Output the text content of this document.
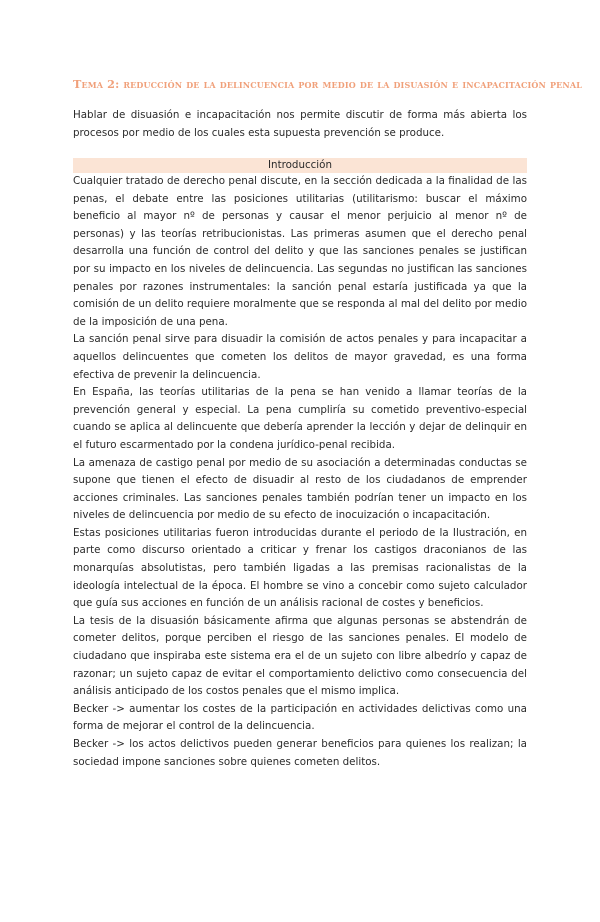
Tema 2: reducción de la delincuencia por medio de la disuasión e incapacitación penal

Hablar de disuasión e incapacitación nos permite discutir de forma más abierta los procesos por medio de los cuales esta supuesta prevención se produce.

Introducción

Cualquier tratado de derecho penal discute, en la sección dedicada a la finalidad de las penas, el debate entre las posiciones utilitarias (utilitarismo: buscar el máximo beneficio al mayor nº de personas y causar el menor perjuicio al menor nº de personas) y las teorías retribucionistas. Las primeras asumen que el derecho penal desarrolla una función de control del delito y que las sanciones penales se justifican por su impacto en los niveles de delincuencia. Las segundas no justifican las sanciones penales por razones instrumentales: la sanción penal estaría justificada ya que la comisión de un delito requiere moralmente que se responda al mal del delito por medio de la imposición de una pena.

La sanción penal sirve para disuadir la comisión de actos penales y para incapacitar a aquellos delincuentes que cometen los delitos de mayor gravedad, es una forma efectiva de prevenir la delincuencia.

En España, las teorías utilitarias de la pena se han venido a llamar teorías de la prevención general y especial. La pena cumpliría su cometido preventivo-especial cuando se aplica al delincuente que debería aprender la lección y dejar de delinquir en el futuro escarmentado por la condena jurídico-penal recibida.

La amenaza de castigo penal por medio de su asociación a determinadas conductas se supone que tienen el efecto de disuadir al resto de los ciudadanos de emprender acciones criminales. Las sanciones penales también podrían tener un impacto en los niveles de delincuencia por medio de su efecto de inocuización o incapacitación.

Estas posiciones utilitarias fueron introducidas durante el periodo de la Ilustración, en parte como discurso orientado a criticar y frenar los castigos draconianos de las monarquías absolutistas, pero también ligadas a las premisas racionalistas de la ideología intelectual de la época. El hombre se vino a concebir como sujeto calculador que guía sus acciones en función de un análisis racional de costes y beneficios.

La tesis de la disuasión básicamente afirma que algunas personas se abstendrán de cometer delitos, porque perciben el riesgo de las sanciones penales. El modelo de ciudadano que inspiraba este sistema era el de un sujeto con libre albedrío y capaz de razonar; un sujeto capaz de evitar el comportamiento delictivo como consecuencia del análisis anticipado de los costos penales que el mismo implica.

Becker -> aumentar los costes de la participación en actividades delictivas como una forma de mejorar el control de la delincuencia.

Becker -> los actos delictivos pueden generar beneficios para quienes los realizan; la sociedad impone sanciones sobre quienes cometen delitos.
